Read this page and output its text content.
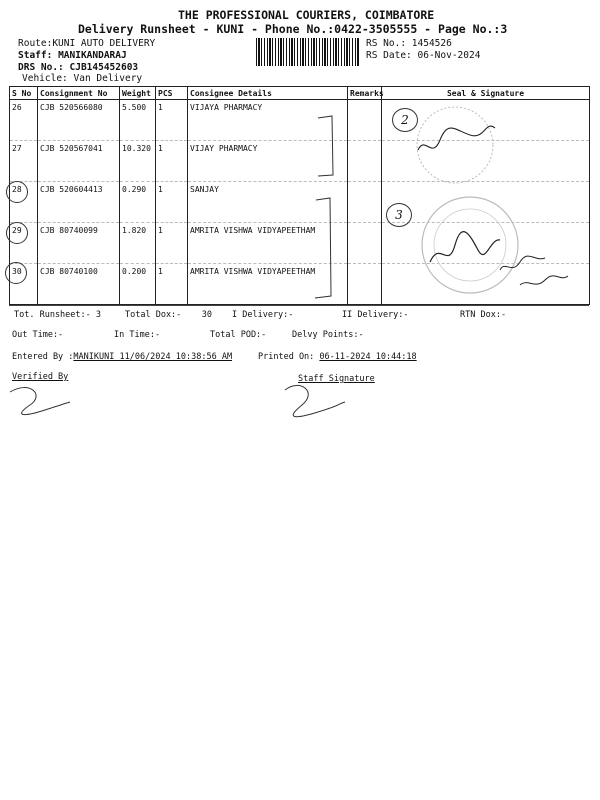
THE PROFESSIONAL COURIERS, COIMBATORE
Delivery Runsheet - KUNI - Phone No.:0422-3505555 - Page No.:3
Route:KUNI AUTO DELIVERY
Staff: MANIKANDARAJ
DRS No.: CJB145452603
Vehicle: Van Delivery
RS No.: 1454526
RS Date: 06-Nov-2024
S No	Consignment No	Weight	PCS	Consignee Details	Remarks	Seal & Signature
26	CJB 520566080	5.500	1	VIJAYA PHARMACY		
27	CJB 520567041	10.320	1	VIJAY PHARMACY		
28	CJB 520604413	0.290	1	SANJAY		
29	CJB 80740099	1.820	1	AMRITA VISHWA VIDYAPEETHAM		
30	CJB 80740100	0.200	1	AMRITA VISHWA VIDYAPEETHAM		
Tot. Runsheet:- 3	Total Dox:- 30 I Delivery:-	II Delivery:-	RTN Dox:-
Out Time:-	In Time:-	Total POD:-	Delvy Points:-
Entered By :MANIKUNI 11/06/2024 10:38:56 AM	Printed On: 06-11-2024 10:44:18
Verified By	Staff Signature
2
3
